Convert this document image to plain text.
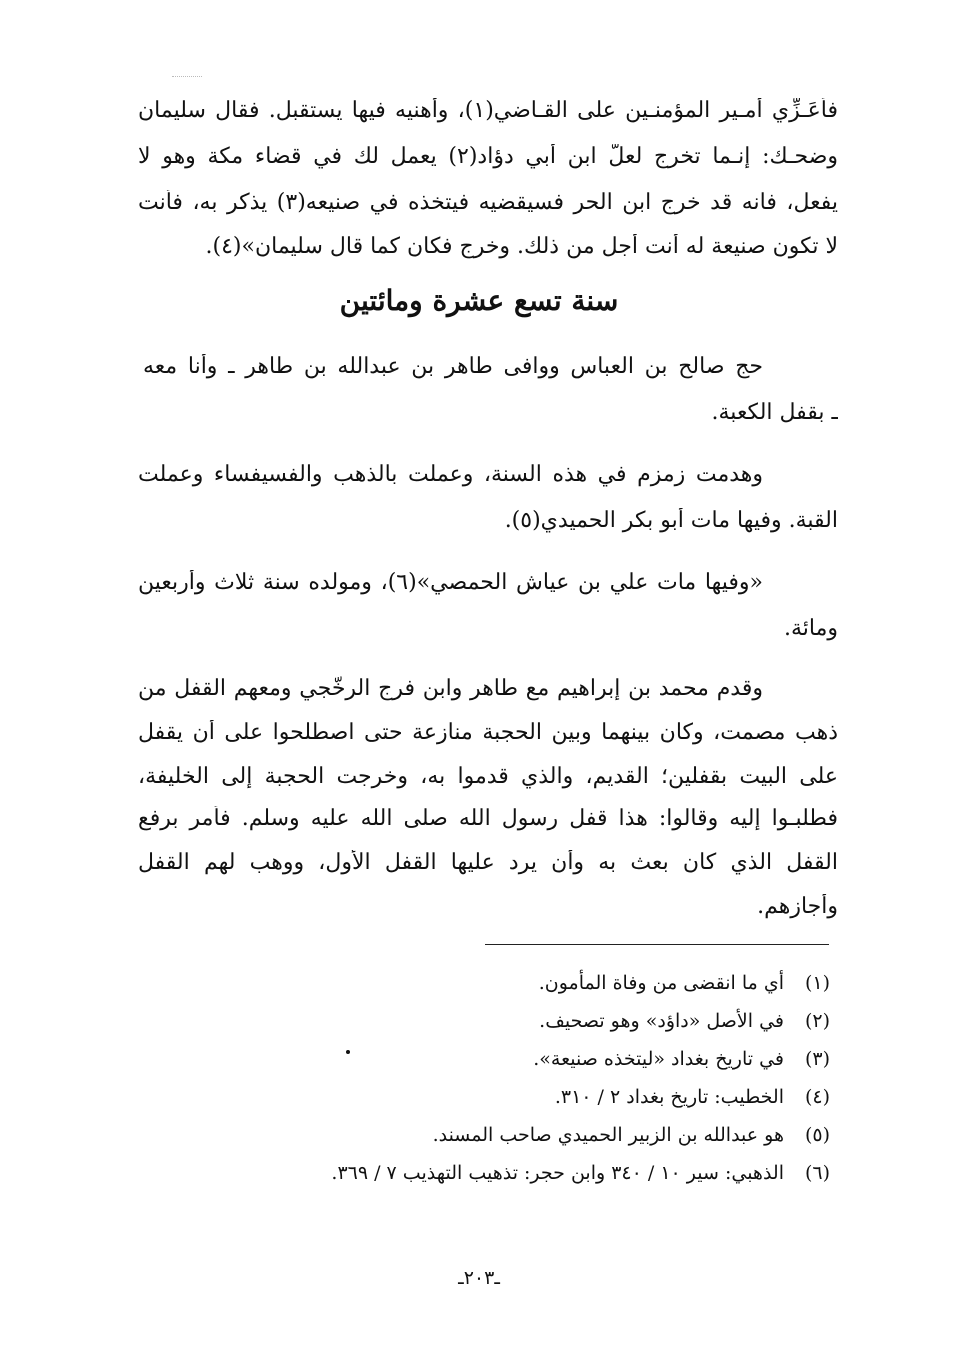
فأُعَـزِّي أمـير المؤمنـين على القـاضي(١)، وأهنيه فيها يستقبل. فقال سليمان
وضحـك: إنـما تخرج لعلّ ابن أبي دؤاد(٢) يعمل لك في قضاء مكة وهو لا
يفعل، فانه قد خرج ابن الحر فسيقضيه فيتخذه في صنيعه(٣) يذكر به، فأنت
لا تكون صنيعة له أنت أجل من ذلك. وخرج فكان كما قال سليمان»(٤).
سنة تسع عشرة ومائتين
حج صالح بن العباس ووافى طاهر بن عبدالله بن طاهر ـ وأنا معه
ـ بقفل الكعبة.
وهدمت زمزم في هذه السنة، وعملت بالذهب والفسيفساء وعملت
القبة. وفيها مات أبو بكر الحميدي(٥).
«وفيها مات علي بن عياش الحمصي»(٦)، ومولده سنة ثلاث وأربعين
ومائة.
وقدم محمد بن إبراهيم مع طاهر وابن فرج الرخّجي ومعهم القفل من
ذهب مصمت، وكان بينهما وبين الحجبة منازعة حتى اصطلحوا على أن يقفل
على البيت بقفلين؛ القديم، والذي قدموا به، وخرجت الحجبة إلى الخليفة،
فطلبـوا إليه وقالوا: هذا قفل رسول الله صلى الله عليه وسلم. فأمر برفع
القفل الذي كان بعث به وأن يرد عليها القفل الأول، ووهب لهم القفل
وأجازهم.
(١)أي ما انقضى من وفاة المأمون.
(٢)في الأصل «داؤد» وهو تصحيف.
(٣)في تاريخ بغداد «ليتخذه صنيعة».
(٤)الخطيب: تاريخ بغداد ٢ / ٣١٠.
(٥)هو عبدالله بن الزبير الحميدي صاحب المسند.
(٦)الذهبي: سير ١٠ / ٣٤٠ وابن حجر: تذهيب التهذيب ٧ / ٣٦٩.
ـ٢٠٣ـ
